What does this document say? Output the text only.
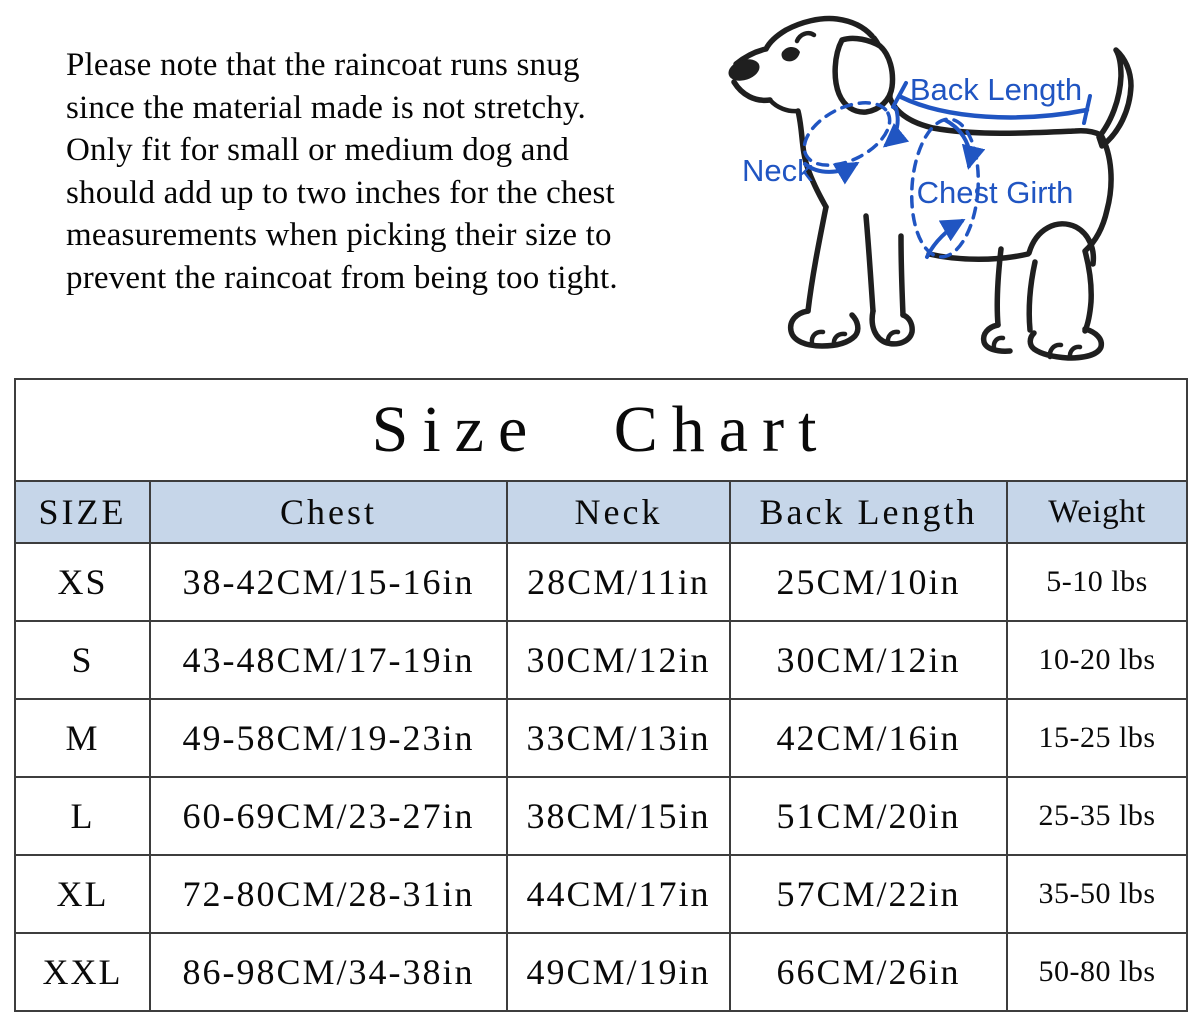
Please note that the raincoat runs snug
since the material made is not stretchy.
Only fit for small or medium dog and
should add up to two inches for the chest
measurements when picking their size to
prevent the raincoat from being too tight.
Back Length
Neck
Chest Girth
Size Chart				
SIZE	Chest	Neck	Back Length	Weight
XS	38-42CM/15-16in	28CM/11in	25CM/10in	5-10 lbs
S	43-48CM/17-19in	30CM/12in	30CM/12in	10-20 lbs
M	49-58CM/19-23in	33CM/13in	42CM/16in	15-25 lbs
L	60-69CM/23-27in	38CM/15in	51CM/20in	25-35 lbs
XL	72-80CM/28-31in	44CM/17in	57CM/22in	35-50 lbs
XXL	86-98CM/34-38in	49CM/19in	66CM/26in	50-80 lbs
